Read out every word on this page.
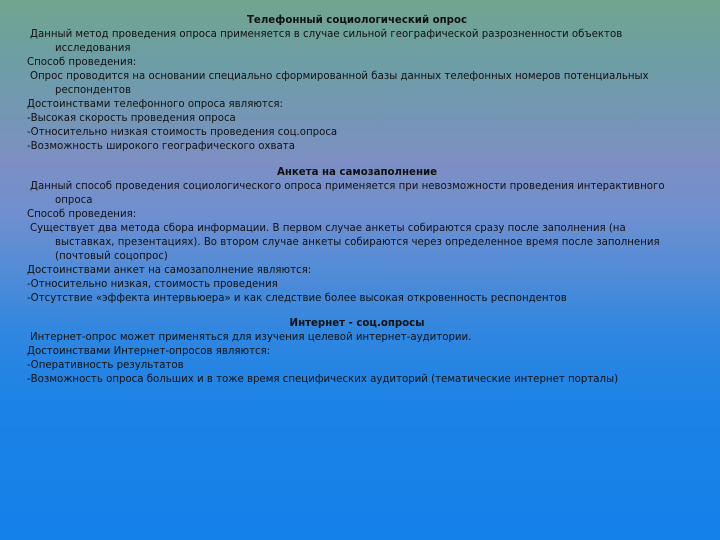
Телефонный социологический опрос

Данный метод проведения опроса применяется в случае сильной географической разрозненности объектов исследования

Способ проведения:

Опрос проводится на основании специально сформированной базы данных телефонных номеров потенциальных респондентов

Достоинствами телефонного опроса являются:

-Высокая скорость проведения опроса

-Относительно низкая стоимость проведения соц.опроса

-Возможность широкого географического охвата

Анкета на самозаполнение

Данный способ проведения социологического опроса применяется при невозможности проведения интерактивного опроса

Способ проведения:

Существует два метода сбора информации. В первом случае анкеты собираются сразу после заполнения (на выставках, презентациях). Во втором случае анкеты собираются через определенное время после заполнения (почтовый соцопрос)

Достоинствами анкет на самозаполнение являются:

-Относительно низкая, стоимость проведения

-Отсутствие «эффекта интервьюера» и как следствие более высокая откровенность респондентов

Интернет - соц.опросы

Интернет-опрос может применяться для изучения целевой интернет-аудитории.

Достоинствами Интернет-опросов являются:

-Оперативность результатов

-Возможность опроса больших и в тоже время специфических аудиторий (тематические интернет порталы)
